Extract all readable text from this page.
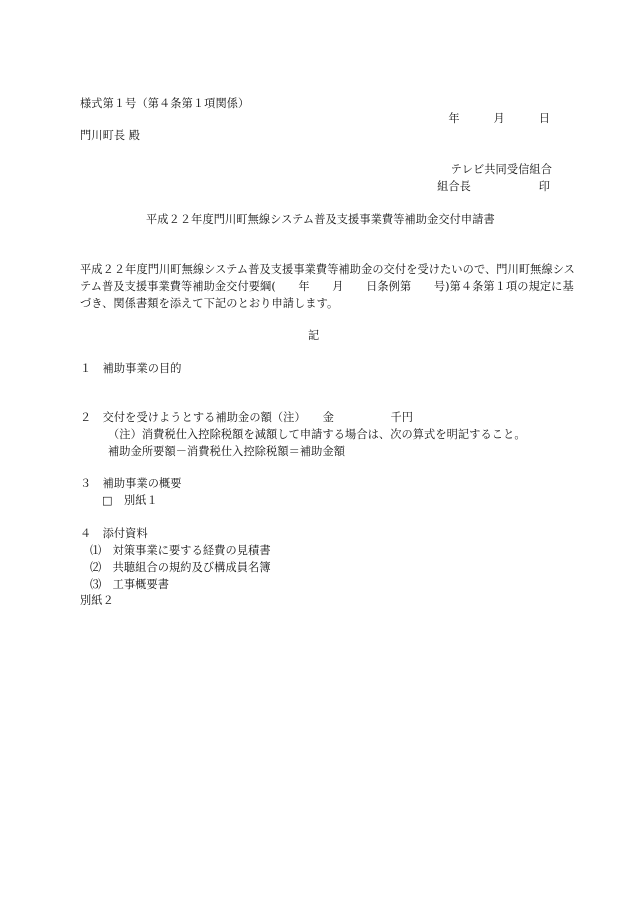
様式第１号（第４条第１項関係）
年　　　月　　　日
門川町長 殿
テレビ共同受信組合
組合長　　　　　　印
平成２２年度門川町無線システム普及支援事業費等補助金交付申請書
平成２２年度門川町無線システム普及支援事業費等補助金の交付を受けたいので、門川町無線シス
テム普及支援事業費等補助金交付要綱(　　年　　月　　日条例第　　号)第４条第１項の規定に基
づき、関係書類を添えて下記のとおり申請します。
記
１　補助事業の目的
２　交付を受けようとする補助金の額（注）　　金　　　　　千円
（注）消費税仕入控除税額を減額して申請する場合は、次の算式を明記すること。
補助金所要額－消費税仕入控除税額＝補助金額
３　補助事業の概要
□　別紙１
４　添付資料
⑴　対策事業に要する経費の見積書
⑵　共聴組合の規約及び構成員名簿
⑶　工事概要書
別紙２
